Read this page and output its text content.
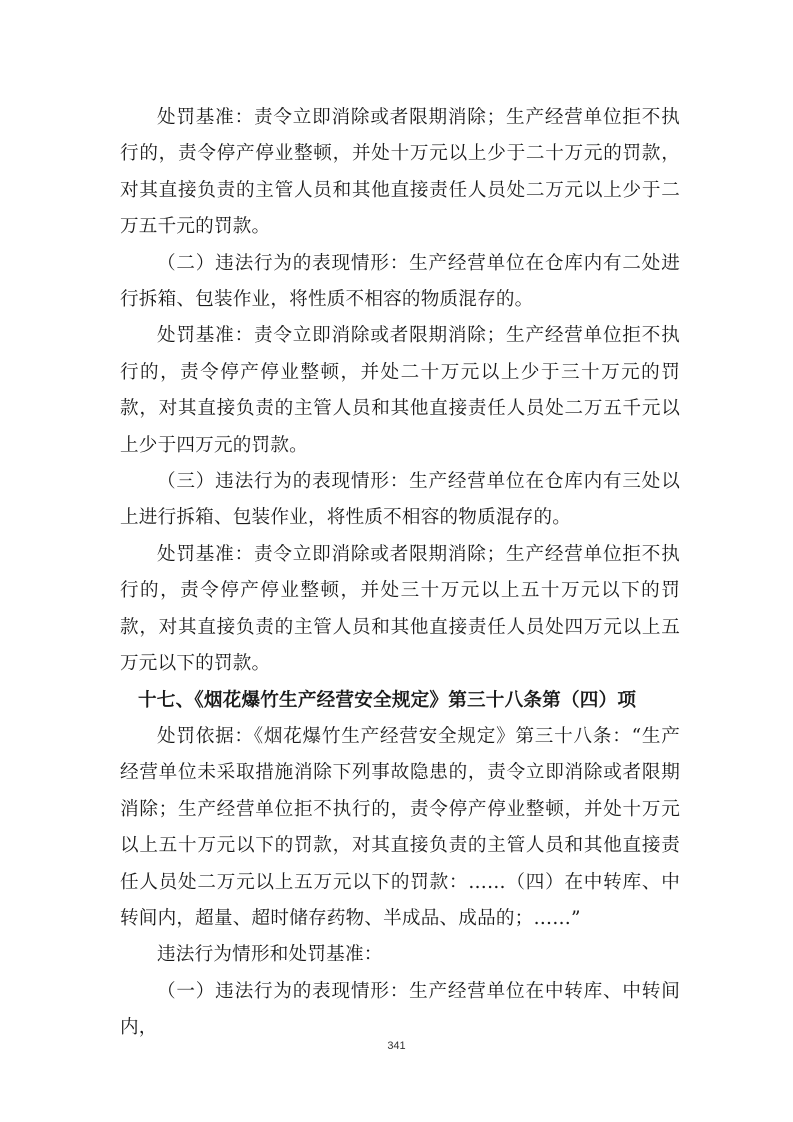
处罚基准：责令立即消除或者限期消除；生产经营单位拒不执行的，责令停产停业整顿，并处十万元以上少于二十万元的罚款，对其直接负责的主管人员和其他直接责任人员处二万元以上少于二万五千元的罚款。

（二）违法行为的表现情形：生产经营单位在仓库内有二处进行拆箱、包装作业，将性质不相容的物质混存的。

处罚基准：责令立即消除或者限期消除；生产经营单位拒不执行的，责令停产停业整顿，并处二十万元以上少于三十万元的罚款，对其直接负责的主管人员和其他直接责任人员处二万五千元以上少于四万元的罚款。

（三）违法行为的表现情形：生产经营单位在仓库内有三处以上进行拆箱、包装作业，将性质不相容的物质混存的。

处罚基准：责令立即消除或者限期消除；生产经营单位拒不执行的，责令停产停业整顿，并处三十万元以上五十万元以下的罚款，对其直接负责的主管人员和其他直接责任人员处四万元以上五万元以下的罚款。

十七、《烟花爆竹生产经营安全规定》第三十八条第（四）项

处罚依据：《烟花爆竹生产经营安全规定》第三十八条：“生产经营单位未采取措施消除下列事故隐患的，责令立即消除或者限期消除；生产经营单位拒不执行的，责令停产停业整顿，并处十万元以上五十万元以下的罚款，对其直接负责的主管人员和其他直接责任人员处二万元以上五万元以下的罚款：……（四）在中转库、中转间内，超量、超时储存药物、半成品、成品的；……”

违法行为情形和处罚基准：

（一）违法行为的表现情形：生产经营单位在中转库、中转间内，

341
